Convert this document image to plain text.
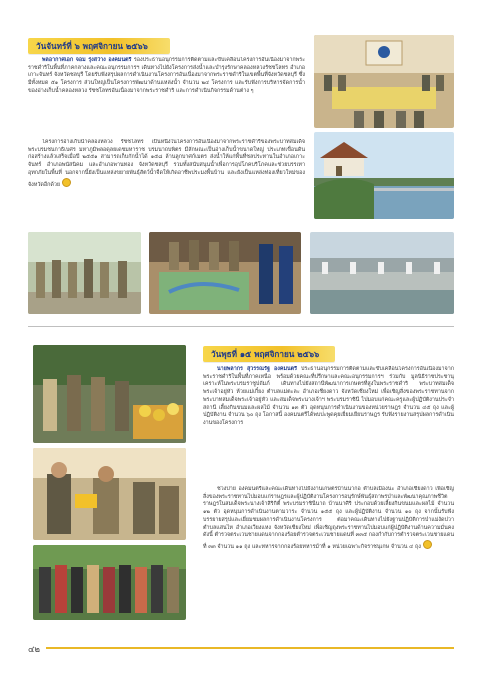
วันจันทร์ที่ ๖ พฤศจิกายน ๒๕๖๖

พลอากาศเอก จอม รุ่งสว่าง องคมนตรี รองประธานอนุกรรมการติดตามและขับเคลื่อนโครงการอันเนื่องมาจากพระราชดำริในพื้นที่ภาคกลางและคณะอนุกรรมการฯ เดินทางไปยังโครงการส่งน้ำและบำรุงรักษาคลองหลวงรัชชโลทร อำเภอเกาะจันทร์ จังหวัดชลบุรี โดยรับฟังสรุปผลการดำเนินงานโครงการอันเนื่องมาจากพระราชดำริในเขตพื้นที่จังหวัดชลบุรี ซึ่งมีทั้งหมด ๕๑ โครงการ ส่วนใหญ่เป็นโครงการพัฒนาด้านแหล่งน้ำ จำนวน ๒๔ โครงการ และรับฟังการบริหารจัดการน้ำของอ่างเก็บน้ำคลองหลวง รัชชโลทรอันเนื่องมาจากพระราชดำริ และการดำเนินกิจกรรมด้านต่าง ๆ

โครงการอ่างเก็บน้ำคลองหลวง รัชชโลทร เป็นหนึ่งในโครงการอันเนื่องมาจากพระราชดำริของพระบาทสมเด็จพระบรมชนกาธิเบศร มหาภูมิพลอดุลยเดชมหาราช บรมนาถบพิตร มีลักษณะเป็นอ่างเก็บน้ำขนาดใหญ่ ประเภทเขื่อนดิน ก่อสร้างแล้วเสร็จเมื่อปี ๒๕๕๑ สามารถเก็บกักน้ำได้ ๑๕๘ ล้านลูกบาศก์เมตร ส่งน้ำให้แก่พื้นที่ชลประทานในอำเภอเกาะจันทร์ อำเภอพนัสนิคม และอำเภอพานทอง จังหวัดชลบุรี รวมทั้งสนับสนุนน้ำเพื่อการอุปโภคบริโภคและช่วยบรรเทาอุทกภัยในพื้นที่ นอกจากนี้ยังเป็นแหล่งขยายพันธุ์สัตว์น้ำจืดให้เกิดอาชีพประมงพื้นบ้าน และยังเป็นแหล่งท่องเที่ยวใหม่ของจังหวัดอีกด้วย

วันพุธที่ ๑๕ พฤศจิกายน ๒๕๖๖

นายพลากร สุวรรณรัฐ องคมนตรี ประธานอนุกรรมการติดตามและขับเคลื่อนโครงการอันเนื่องมาจากพระราชดำริในพื้นที่ภาคเหนือ พร้อมด้วยคณะที่ปรึกษาและคณะอนุกรรมการฯ ร่วมกับ มูลนิธิราชประชานุเคราะห์ในพระบรมราชูปถัมภ์ เดินทางไปยังสถานีพัฒนาการเกษตรที่สูงในพระราชดำริ พระบาทสมเด็จพระเจ้าอยู่หัว ห้วยแม่เกี๋ยง ตำบลแม่ตะละ อำเภอเชียงดาว จังหวัดเชียงใหม่ เพื่อเชิญสิ่งของพระราชทานจากพระบาทสมเด็จพระเจ้าอยู่หัว และสมเด็จพระนางเจ้าฯ พระบรมราชินี ไปมอบแก่คณะครูและผู้ปฏิบัติงานประจำสถานี เลี้ยงกินขนมและผลไม้ จำนวน ๑๓ ตัว อุดหนุนการดำเนินงานของหน่วยราษฎร จำนวน ๔๕ ถุง และผู้ปฏิบัติงาน จำนวน ๖๐ ถุง โอกาสนี้ องคมนตรีได้พบปะพูดคุยเยี่ยมเยียนราษฎร รับฟังรายงานสรุปผลการดำเนินงานของโครงการ

ช่วงบ่าย องคมนตรีและคณะเดินทางไปยังงานเกษตรบ้านนากอ ตำบลเมืองนะ อำเภอเชียงดาว เพื่อเชิญสิ่งของพระราชทานไปมอบแก่ราษฎรและผู้ปฏิบัติงานโครงการอนุรักษ์พันธุ์สถาพรป่าและพัฒนาคุณภาพชีวิตราษฎรในสมเด็จพระนางเจ้าสิริกิติ์ พระบรมราชินีนาถ บ้านนาศิริ ประกอบด้วยเลี้ยงกินขนมและผลไม้ จำนวน ๑๒ ตัว อุดหนุนการดำเนินงานตามวาระ จำนวน ๑๕๕ ถุง และผู้ปฏิบัติงาน จำนวน ๑๐ ถุง จากนั้นรับฟังบรรยายสรุปและเยี่ยมชมผลการดำเนินงานโครงการ ต่อมาคณะเดินทางไปยังฐานปฏิบัติการป่าแม่งัดปวา ตำบลแสนไห อำเภอเวียงแหง จังหวัดเชียงใหม่ เพื่อเชิญถุงพระราชทานไปมอบแก่ผู้ปฏิบัติงานด้านความมั่นคง ดังนี้ ตำรวจตระเวนชายแดนจากกองร้อยตำรวจตระเวนชายแดนที่ ๓๓๕ กองกำกับการตำรวจตระเวนชายแดนที่ ๓๓ จำนวน ๑๑ ถุง และทหารจากกองร้อยทหารม้าที่ ๑ หน่วยเฉพาะกิจราชนุเกษ จำนวน ๔ ถุง

๔๒
